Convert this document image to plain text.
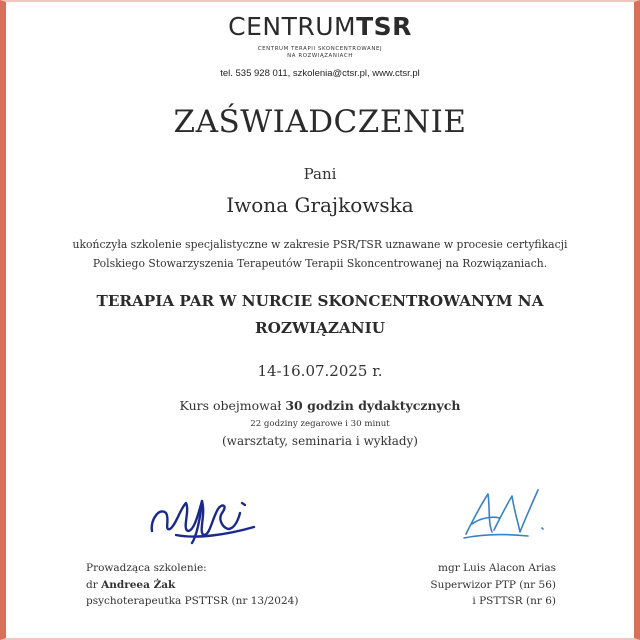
CENTRUMTSR
CENTRUM TERAPII SKONCENTROWANEJ
NA ROZWIĄZANIACH
tel. 535 928 011, szkolenia@ctsr.pl, www.ctsr.pl
ZAŚWIADCZENIE
Pani
Iwona Grajkowska
ukończyła szkolenie specjalistyczne w zakresie PSR/TSR uznawane w procesie certyfikacji
Polskiego Stowarzyszenia Terapeutów Terapii Skoncentrowanej na Rozwiązaniach.
TERAPIA PAR W NURCIE SKONCENTROWANYM NA
ROZWIĄZANIU
14-16.07.2025 r.
Kurs obejmował 30 godzin dydaktycznych
22 godziny zegarowe i 30 minut
(warsztaty, seminaria i wykłady)
Prowadząca szkolenie:
dr Andreea Żak
psychoterapeutka PSTTSR (nr 13/2024)
mgr Luis Alacon Arias
Superwizor PTP (nr 56)
i PSTTSR (nr 6)
